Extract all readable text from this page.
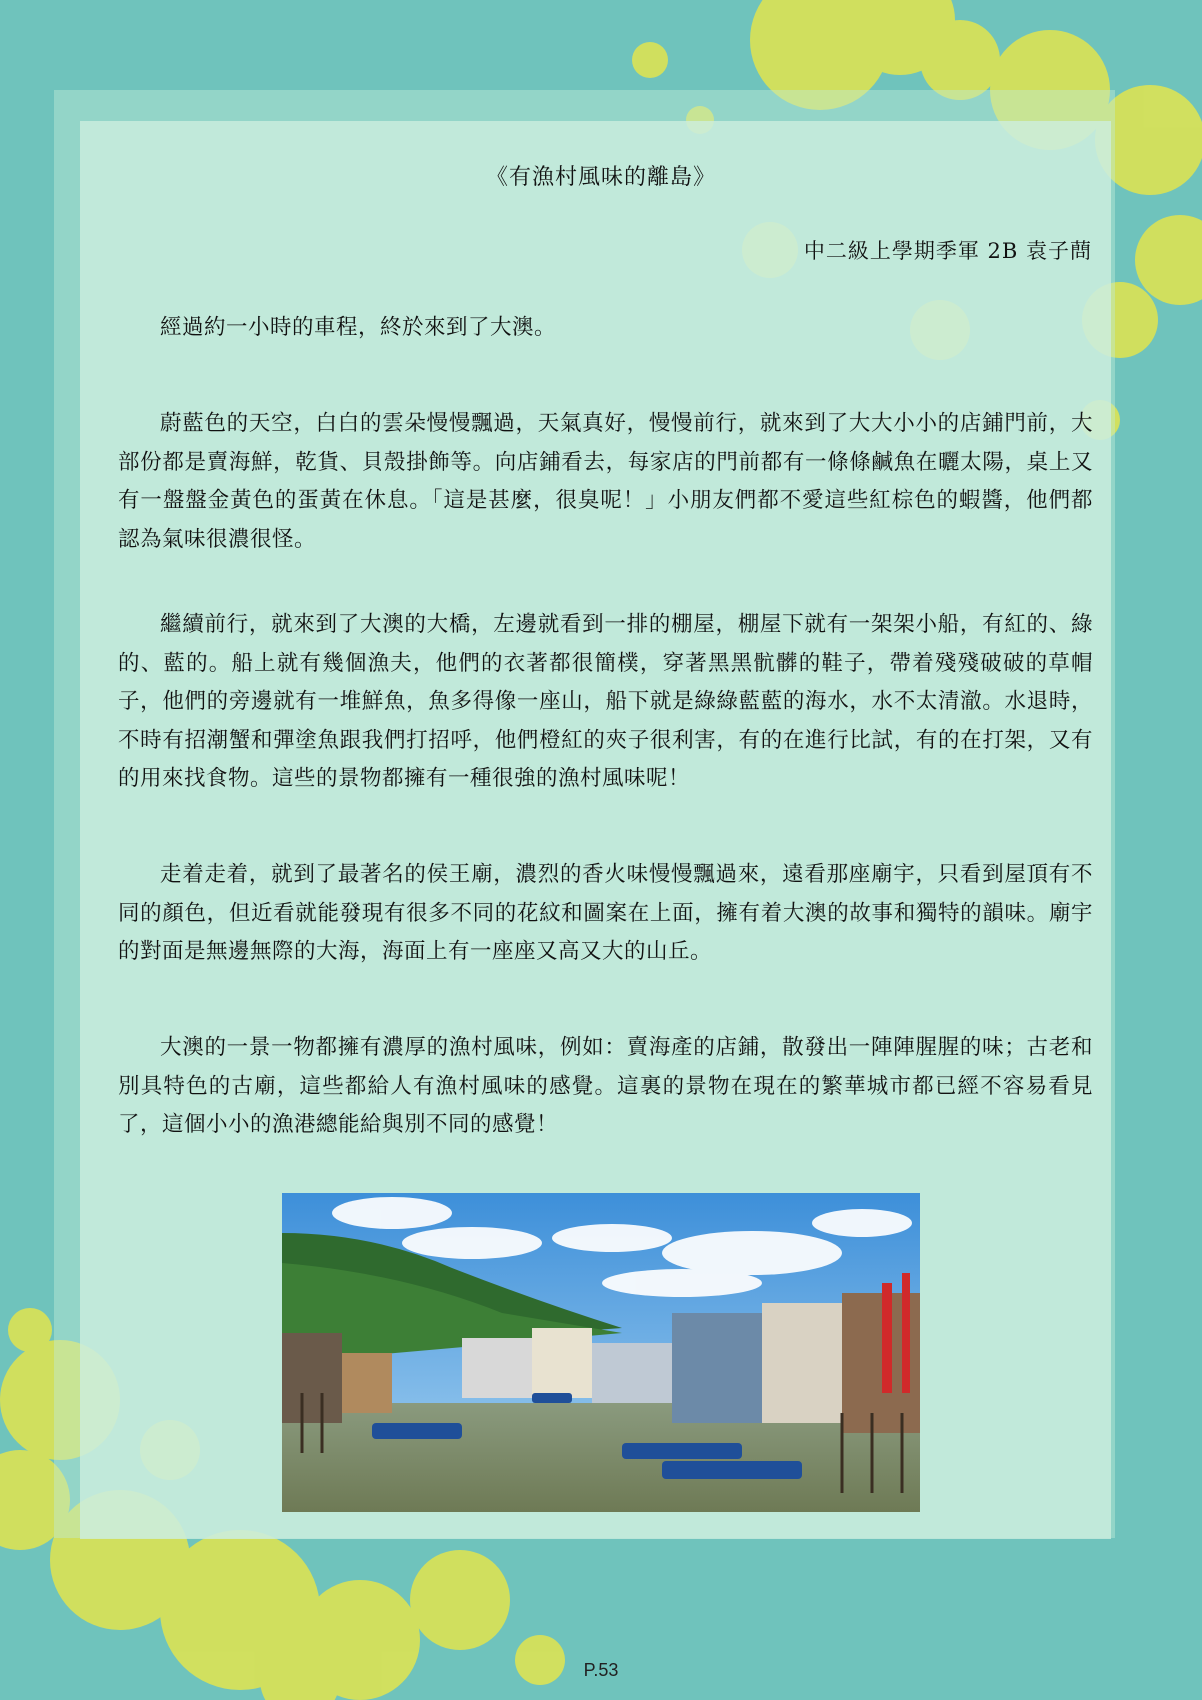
《有漁村風味的離島》
中二級上學期季軍 2B 袁子蔄

經過約一小時的車程，終於來到了大澳。

蔚藍色的天空，白白的雲朵慢慢飄過，天氣真好，慢慢前行，就來到了大大小小的店鋪門前，大部份都是賣海鮮，乾貨、貝殼掛飾等。向店鋪看去，每家店的門前都有一條條鹹魚在曬太陽，桌上又有一盤盤金黃色的蛋黃在休息。「這是甚麼，很臭呢！」小朋友們都不愛這些紅棕色的蝦醬，他們都認為氣味很濃很怪。

繼續前行，就來到了大澳的大橋，左邊就看到一排的棚屋，棚屋下就有一架架小船，有紅的、綠的、藍的。船上就有幾個漁夫，他們的衣著都很簡樸，穿著黑黑骯髒的鞋子，帶着殘殘破破的草帽子，他們的旁邊就有一堆鮮魚，魚多得像一座山，船下就是綠綠藍藍的海水，水不太清澈。水退時，不時有招潮蟹和彈塗魚跟我們打招呼，他們橙紅的夾子很利害，有的在進行比試，有的在打架，又有的用來找食物。這些的景物都擁有一種很強的漁村風味呢！

走着走着，就到了最著名的侯王廟，濃烈的香火味慢慢飄過來，遠看那座廟宇，只看到屋頂有不同的顏色，但近看就能發現有很多不同的花紋和圖案在上面，擁有着大澳的故事和獨特的韻味。廟宇的對面是無邊無際的大海，海面上有一座座又高又大的山丘。

大澳的一景一物都擁有濃厚的漁村風味，例如：賣海產的店鋪，散發出一陣陣腥腥的味；古老和別具特色的古廟，這些都給人有漁村風味的感覺。這裏的景物在現在的繁華城市都已經不容易看見了，這個小小的漁港總能給與別不同的感覺！

P.53
